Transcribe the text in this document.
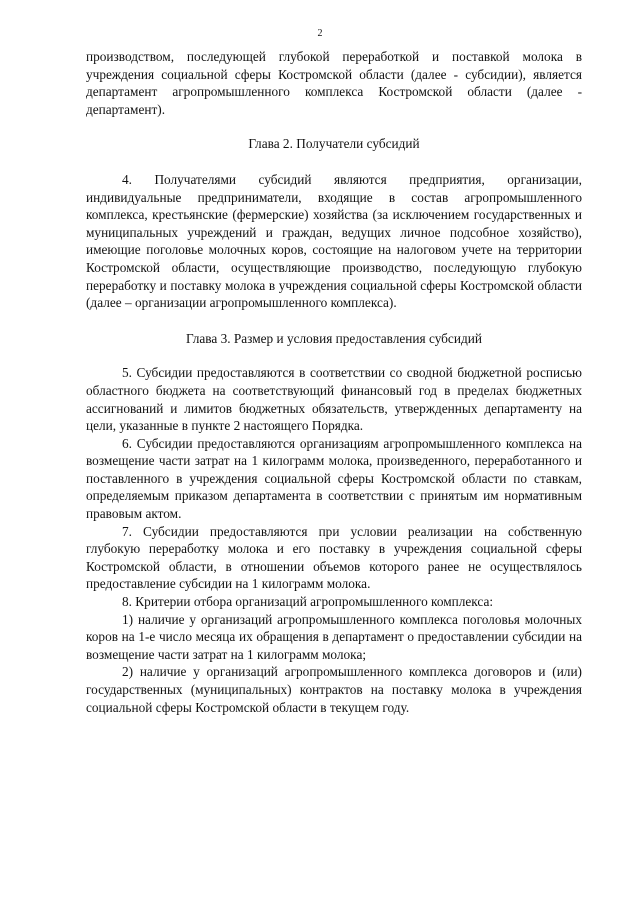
2

производством, последующей глубокой переработкой и поставкой молока в учреждения социальной сферы Костромской области (далее - субсидии), является департамент агропромышленного комплекса Костромской области (далее - департамент).

Глава 2. Получатели субсидий

4. Получателями субсидий являются предприятия, организации, индивидуальные предприниматели, входящие в состав агропромышленного комплекса, крестьянские (фермерские) хозяйства (за исключением государственных и муниципальных учреждений и граждан, ведущих личное подсобное хозяйство), имеющие поголовье молочных коров, состоящие на налоговом учете на территории Костромской области, осуществляющие производство, последующую глубокую переработку и поставку молока в учреждения социальной сферы Костромской области (далее – организации агропромышленного комплекса).

Глава 3. Размер и условия предоставления субсидий

5. Субсидии предоставляются в соответствии со сводной бюджетной росписью областного бюджета на соответствующий финансовый год в пределах бюджетных ассигнований и лимитов бюджетных обязательств, утвержденных департаменту на цели, указанные в пункте 2 настоящего Порядка.

6. Субсидии предоставляются организациям агропромышленного комплекса на возмещение части затрат на 1 килограмм молока, произведенного, переработанного и поставленного в учреждения социальной сферы Костромской области по ставкам, определяемым приказом департамента в соответствии с принятым им нормативным правовым актом.

7. Субсидии предоставляются при условии реализации на собственную глубокую переработку молока и его поставку в учреждения социальной сферы Костромской области, в отношении объемов которого ранее не осуществлялось предоставление субсидии на 1 килограмм молока.

8. Критерии отбора организаций агропромышленного комплекса:

1) наличие у организаций агропромышленного комплекса поголовья молочных коров на 1-е число месяца их обращения в департамент о предоставлении субсидии на возмещение части затрат на 1 килограмм молока;

2) наличие у организаций агропромышленного комплекса договоров и (или) государственных (муниципальных) контрактов на поставку молока в учреждения социальной сферы Костромской области в текущем году.
